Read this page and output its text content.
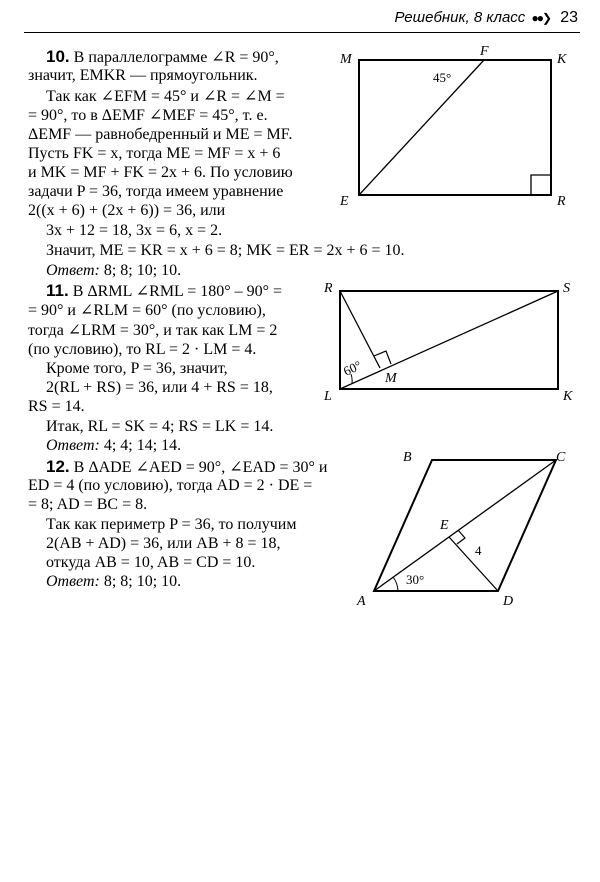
Решебник, 8 класс ●●❯ 23
10. В параллелограмме ∠R = 90°,
значит, EMKR — прямоугольник.
Так как ∠EFM = 45° и ∠R = ∠M =
= 90°, то в ΔEMF ∠MEF = 45°, т. е.
ΔEMF — равнобедренный и ME = MF.
Пусть FK = x, тогда ME = MF = x + 6
и MK = MF + FK = 2x + 6. По условию
задачи P = 36, тогда имеем уравнение
2((x + 6) + (2x + 6)) = 36, или
3x + 12 = 18, 3x = 6, x = 2.
Значит, ME = KR = x + 6 = 8; MK = ER = 2x + 6 = 10.
Ответ: 8; 8; 10; 10.
M
F
K
E	R
45°
11. В ΔRML ∠RML = 180° – 90° =
= 90° и ∠RLM = 60° (по условию),
тогда ∠LRM = 30°, и так как LM = 2
(по условию), то RL = 2 · LM = 4.
Кроме того, P = 36, значит,
2(RL + RS) = 36, или 4 + RS = 18,
RS = 14.
Итак, RL = SK = 4; RS = LK = 14.
Ответ: 4; 4; 14; 14.
R	S
L	K
M
60°
12. В ΔADE ∠AED = 90°, ∠EAD = 30° и
ED = 4 (по условию), тогда AD = 2 · DE =
= 8; AD = BC = 8.
Так как периметр P = 36, то получим
2(AB + AD) = 36, или AB + 8 = 18,
откуда AB = 10, AB = CD = 10.
Ответ: 8; 8; 10; 10.
A
B	C
D
E
30°
4
